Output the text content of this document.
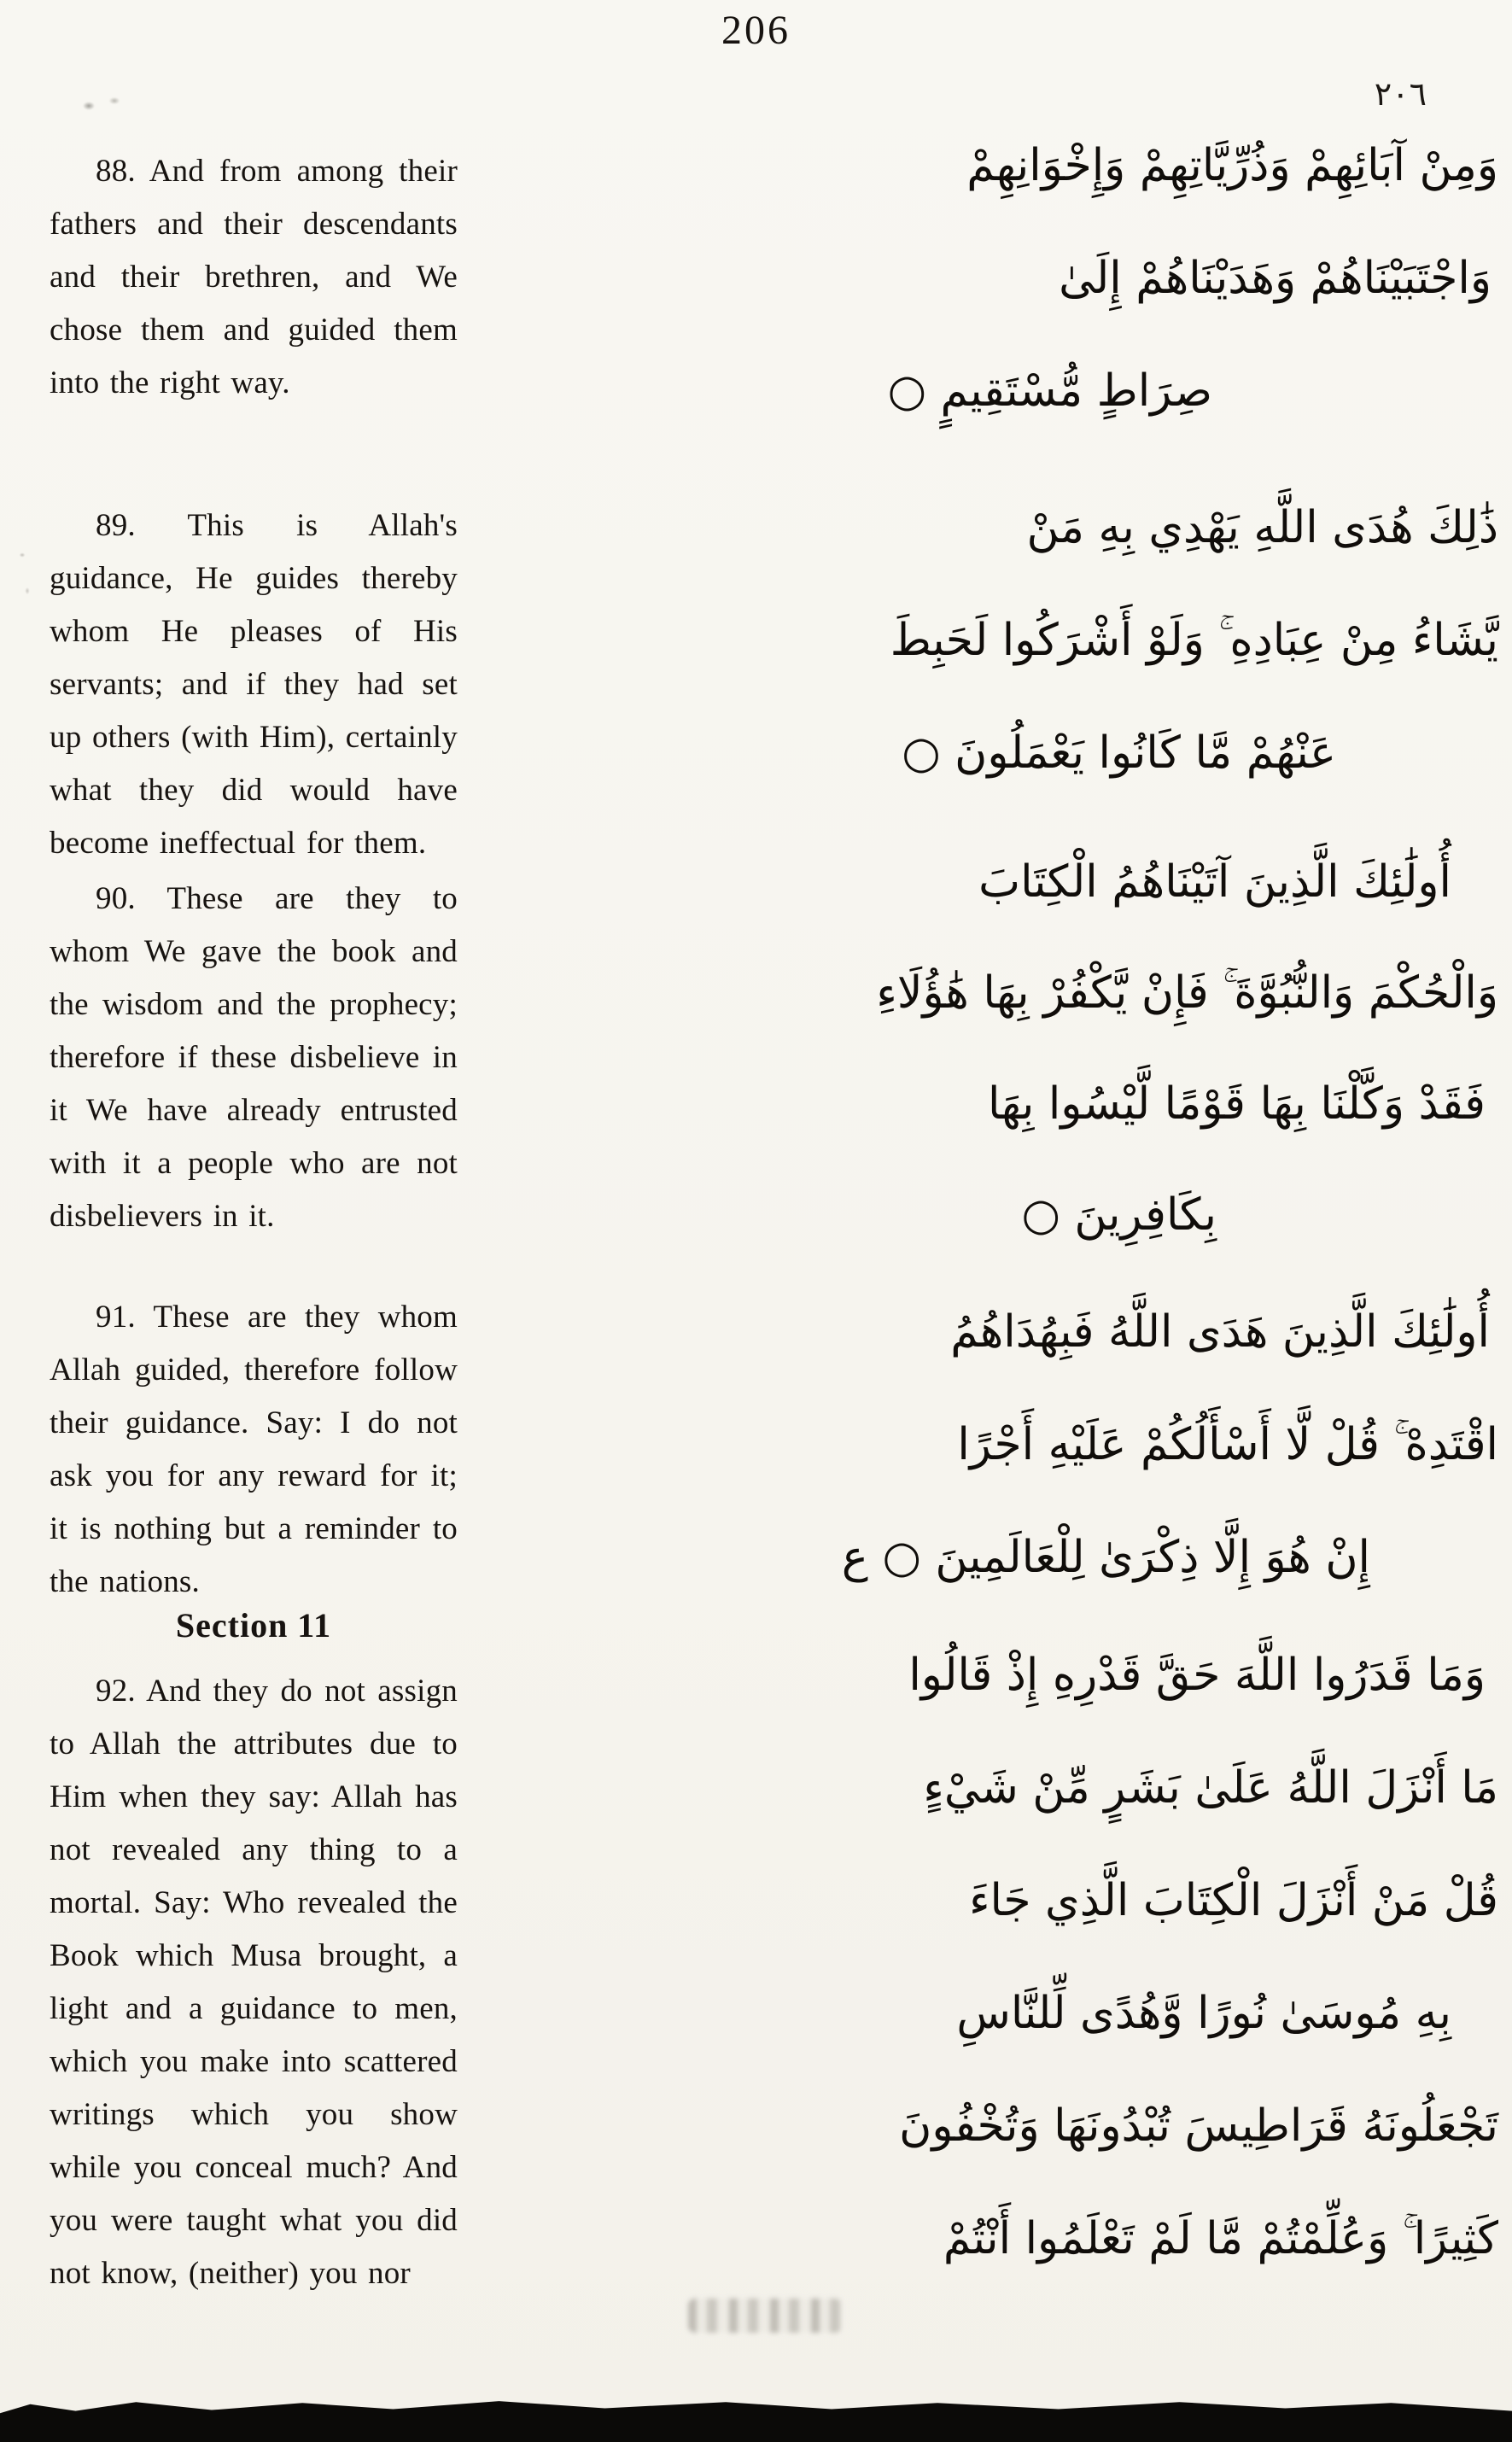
206
٢٠٦

88. And from among their fathers and their descendants and their brethren, and We chose them and guided them into the right way.

89. This is Allah's guidance, He guides thereby whom He pleases of His servants; and if they had set up others (with Him), certainly what they did would have become ineffectual for them.

90. These are they to whom We gave the book and the wisdom and the prophecy; therefore if these disbelieve in it We have already entrusted with it a people who are not disbelievers in it.

91. These are they whom Allah guided, therefore follow their guidance. Say: I do not ask you for any reward for it; it is nothing but a reminder to the nations.

Section 11

92. And they do not assign to Allah the attributes due to Him when they say: Allah has not revealed any thing to a mortal. Say: Who revealed the Book which Musa brought, a light and a guidance to men, which you make into scattered writings which you show while you conceal much? And you were taught what you did not know, (neither) you nor

وَمِنْ آبَائِهِمْ وَذُرِّيَّاتِهِمْ وَإِخْوَانِهِمْ
وَاجْتَبَيْنَاهُمْ وَهَدَيْنَاهُمْ إِلَىٰ
صِرَاطٍ مُّسْتَقِيمٍ ○
ذَٰلِكَ هُدَى اللَّهِ يَهْدِي بِهِ مَنْ
يَّشَاءُ مِنْ عِبَادِهِ ۚ وَلَوْ أَشْرَكُوا لَحَبِطَ
عَنْهُمْ مَّا كَانُوا يَعْمَلُونَ ○
أُولَٰئِكَ الَّذِينَ آتَيْنَاهُمُ الْكِتَابَ
وَالْحُكْمَ وَالنُّبُوَّةَ ۚ فَإِنْ يَّكْفُرْ بِهَا هَٰؤُلَاءِ
فَقَدْ وَكَّلْنَا بِهَا قَوْمًا لَّيْسُوا بِهَا
بِكَافِرِينَ ○
أُولَٰئِكَ الَّذِينَ هَدَى اللَّهُ فَبِهُدَاهُمُ
اقْتَدِهْ ۚ قُلْ لَّا أَسْأَلُكُمْ عَلَيْهِ أَجْرًا
إِنْ هُوَ إِلَّا ذِكْرَىٰ لِلْعَالَمِينَ ○ ع
وَمَا قَدَرُوا اللَّهَ حَقَّ قَدْرِهِ إِذْ قَالُوا
مَا أَنْزَلَ اللَّهُ عَلَىٰ بَشَرٍ مِّنْ شَيْءٍ
قُلْ مَنْ أَنْزَلَ الْكِتَابَ الَّذِي جَاءَ
بِهِ مُوسَىٰ نُورًا وَّهُدًى لِّلنَّاسِ
تَجْعَلُونَهُ قَرَاطِيسَ تُبْدُونَهَا وَتُخْفُونَ
كَثِيرًا ۚ وَعُلِّمْتُمْ مَّا لَمْ تَعْلَمُوا أَنْتُمْ
